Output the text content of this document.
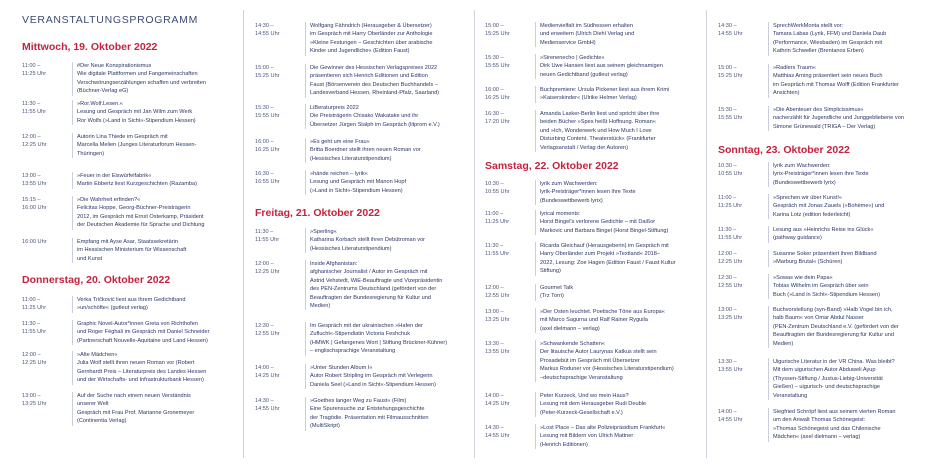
VERANSTALTUNGSPROGRAMM
Mittwoch, 19. Oktober 2022
11:00 –
11:25 Uhr
#Der Neue Konspirationismus
Wie digitale Plattformen und Fangemeinschaften
Verschwörungserzählungen schaffen und verbreiten
(Büchner-Verlag eG)
11:30 –
11:55 Uhr
»Ror.Wolf.Lesen.«
Lesung und Gespräch mit Jan Wilm zum Werk
Ror Wolfs (»Land in Sicht«-Stipendium Hessen)
12:00 –
12:25 Uhr
Autorin Lina Thiede im Gespräch mit
Marcella Melien (Junges Literaturforum Hessen-
Thüringen)
13:00 –
13:55 Uhr
»Feuer in der Eiswürfelfabrik«
Martin Ebbertz liest Kurzgeschichten (Razamba)
15:15 –
16:00 Uhr
»Die Wahrheit erfinden?«
Felicitas Hoppe, Georg-Büchner-Preisträgerin
2012, im Gespräch mit Ernst Osterkamp, Präsident
der Deutschen Akademie für Sprache und Dichtung
16:00 Uhr	Empfang mit Ayse Asar, Staatssekretärin
im Hessischen Ministerium für Wissenschaft
und Kunst
Donnerstag, 20. Oktober 2022
11:00 –
11:25 Uhr
Verka Tričković liest aus ihrem Gedichtband
»un/schöfte« (gutleut verlag)
11:30 –
11:55 Uhr
Graphic Novel-Autor*innen Greta von Richthofen
und Roger Féghali im Gespräch mit Daniel Schneider
(Partnerschaft Nouvelle-Aquitaine und Land Hessen)
12:00 –
12:25 Uhr
»Alte Mädchen«
Julia Wolf stellt ihren neuen Roman vor (Robert
Gernhardt Preis – Literaturpreis des Landes Hessen
und der Wirtschafts- und Infrastrukturbank Hessen)
13:00 –
13:25 Uhr
Auf der Suche nach einem neuen Verständnis
unserer Welt
Gespräch mit Frau Prof. Marianne Gronemeyer
(Continentia Verlag)
14:30 –
14:55 Uhr
Wolfgang Fähndrich (Herausgeber & Übersetzer)
im Gespräch mit Harry Oberländer zur Anthologie
»Kleine Festungen – Geschichten über arabische
Kinder und Jugendliche« (Edition Faust)
15:00 –
15:25 Uhr
Die Gewinner des Hessischen Verlagspreises 2022
präsentieren sich Henrich Editionen und Edition
Faust (Börsenverein des Deutschen Buchhandels –
Landesverband Hessen, Rheinland-Pfalz, Saarland)
15:30 –
15:55 Uhr
LiBeraturpreis 2022
Die Preisträgerin Chisako Wakatake und ihr
Übersetzer Jürgen Stalph im Gespräch (litprom e.V.)
16:00 –
16:25 Uhr
»Es geht um eine Frau«
Britta Boerdner stellt ihren neuen Roman vor
(Hessisches Literaturstipendium)
16:30 –
16:55 Uhr
»hände reichen – lyrik«
Lesung und Gespräch mit Manon Hopf
(»Land in Sicht«-Stipendium Hessen)
Freitag, 21. Oktober 2022
11:30 –
11:55 Uhr
»Sperling«
Katharina Korbach stellt ihren Debütroman vor
(Hessisches Literaturstipendium)
12:00 –
12:25 Uhr
Inside Afghanistan:
afghanischer Journalist / Autor im Gespräch mit
Astrid Vehstedt, WiE-Beauftragte und Vizepräsidentin
des PEN-Zentrums Deutschland (gefördert von der
Beauftragten der Bundesregierung für Kultur und
Medien)
12:30 –
12:55 Uhr
Im Gespräch mit der ukrainischen »Hafen der
Zuflucht«-Stipendiatin Victoria Feshchuk
(HMWK | Gefangenes Wort | Stiftung Brückner-Kühner)
– englischsprachige Veranstaltung
14:00 –
14:25 Uhr
»Unter Stunden Album I«
Autor Robert Stripling im Gespräch mit Verlegerin
Daniela Seel (»Land in Sicht«-Stipendium Hessen)
14:30 –
14:55 Uhr
»Goethes langer Weg zu Faust« (Film)
Eine Spurensuche zur Entstehungsgeschichte
der Tragödie. Präsentation mit Filmausschnitten
(MultiSkript)
15:00 –
15:25 Uhr
Medienvielfalt im Südhessen erhalten
und erweitern (Ulrich Diehl Verlag und
Medienservice GmbH)
15:30 –
15:55 Uhr
»Sirenenecho | Gedichte«
Dirk Uwe Hansen liest aus seinem gleichnamigen
neuen Gedichtband (gutleut verlag)
16:00 –
16:25 Uhr
Buchpremiere: Ursula Pickener liest aus ihrem Krimi
»Kaiserskinder« (Ulrike Helmer Verlag)
16:30 –
17:20 Uhr
Amanda Lasker-Berlin liest und spricht über ihre
beiden Bücher »Spes heißt Hoffnung. Roman«
und »Ich, Wonderwerk und How Much I Love
Disturbing Content. Theaterstück« (Frankfurter
Verlagsanstalt / Verlag der Autoren)
Samstag, 22. Oktober 2022
10:30 –
10:55 Uhr
lyrik zum Wachwerden:
lyrik-Preisträger*innen lesen ihre Texte
(Bundeswettbewerb lyrix)
11:00 –
11:25 Uhr
lyrical moments:
Horst Bingel's verlorene Gedichte – mit Daißor
Markovic und Barbara Bingel (Horst Bingel-Stiftung)
11:30 –
11:55 Uhr
Ricarda Gleichauf (Herausgeberin) im Gespräch mit
Harry Oberländer zum Projekt »Textland« 2018–
2022, Lesung: Zoe Hagen (Edition Faust / Faust Kultur
Stiftung)
12:00 –
12:55 Uhr
Gourmet Talk
(Trz Torri)
13:00 –
13:25 Uhr
»Der Osten leuchtet. Poetische Töne aus Europa«
mit Marco Sagurna und Ralf Rainer Ryguila
(axel dielmann – verlag)
13:30 –
13:55 Uhr
»Schwankende Schatten«
Der litauische Autor Laurynas Katkus stellt sein
Prosadebüt im Gespräch mit Übersetzer
Markus Roduner vor (Hessisches Literaturstipendium)
–deutschsprachige Veranstaltung
14:00 –
14:25 Uhr
Peter Kurzeck, Und wo mein Haus?
Lesung mit dem Herausgeber Rudi Deuble
(Peter-Kurzeck-Gesellschaft e.V.)
14:30 –
14:55 Uhr
»Lost Place – Das alte Polizeipräsidium Frankfurt«
Lesung mit Bildern von Ulrich Mattner
(Henrich Editionen)
14:30 –
14:55 Uhr
SprechWerkMonta stellt vor:
Tamara Labas (Lyrik, FFM) und Daniela Daub
(Performance, Wiesbaden) im Gespräch mit
Kathrin Schweller (Brentanos Erben)
15:00 –
15:25 Uhr
»Radlers Traum«
Matthias Arning präsentiert sein neues Buch
im Gespräch mit Thomas Wolff (Edition Frankfurter
Ansichten)
15:30 –
15:55 Uhr
»Die Abenteuer des Simplicissimus«
nacherzählt für Jugendliche und Junggebliebene von
Simone Grünewald (TRIGA – Der Verlag)
Sonntag, 23. Oktober 2022
10:30 –
10:55 Uhr
lyrik zum Wachwerden:
lyrix-Preisträger*innen lesen ihre Texte
(Bundeswettbewerb lyrix)
11:00 –
11:25 Uhr
»Sprechen wir über Kunst!«
Gespräch mit Jonas Zauels (»Bohème«) und
Karina Lotz (edition federleicht)
11:30 –
11:55 Uhr
Lesung aus »Heinrichs Reise ins Glück«
(pathway guidance)
12:00 –
12:25 Uhr
Susanne Soker präsentiert ihren Bildband
»Marburg Brutal« (Schüren)
12:30 –
12:55 Uhr
»Sowas wie dein Papa«
Tobias Wilhelm im Gespräch über sein
Buch (»Land in Sicht«-Stipendium Hessen)
13:00 –
13:25 Uhr
Buchvorstellung (syn-Band) »Halb Vogel bin ich,
halb Baum« von Omar Abdul Nasser
(PEN-Zentrum Deutschland e.V. (gefördert von der
Beauftragten der Bundesregierung für Kultur und
Medien)
13:30 –
13:55 Uhr
Uigurische Literatur in der VR China. Was bleibt?
Mit dem uigurischen Autor Abduweli Ayup
(Thyssen-Stiftung / Justus-Liebig-Universität
Gießen) – uigurisch- und deutschsprachige
Veranstaltung
14:00 –
14:55 Uhr
Siegfried Schröpf liest aus seinem vierten Roman
um den Anwalt Thomas Schönegeist:
»Thomas Schönegeist und das Chilenische
Mädchen« (axel dielmann – verlag)
